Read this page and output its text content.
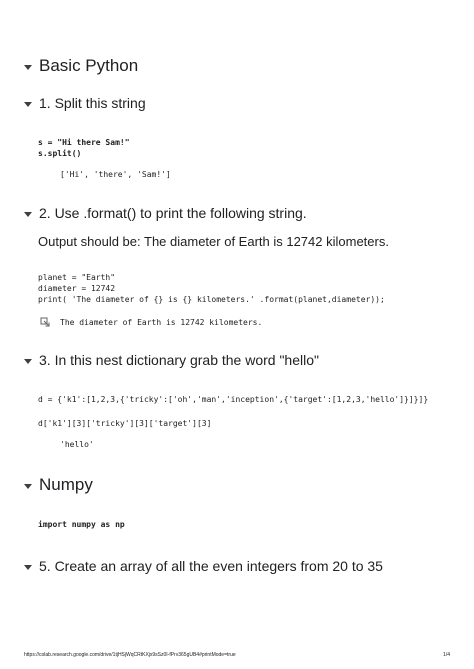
Basic Python
1. Split this string
s = "Hi there Sam!"
s.split()
['Hi', 'there', 'Sam!']
2. Use .format() to print the following string.
Output should be: The diameter of Earth is 12742 kilometers.
planet = "Earth"
diameter = 12742
print( 'The diameter of {} is {} kilometers.' .format(planet,diameter));
The diameter of Earth is 12742 kilometers.
3. In this nest dictionary grab the word "hello"
d = {'k1':[1,2,3,{'tricky':['oh','man','inception',{'target':[1,2,3,'hello']}]}]}
d['k1'][3]['tricky'][3]['target'][3]
'hello'
Numpy
import numpy as np
5. Create an array of all the even integers from 20 to 35
https://colab.research.google.com/drive/1tjHSjWqCRtKXjx9sSz0I-fPrv365gUB4#printMode=true	1/4
